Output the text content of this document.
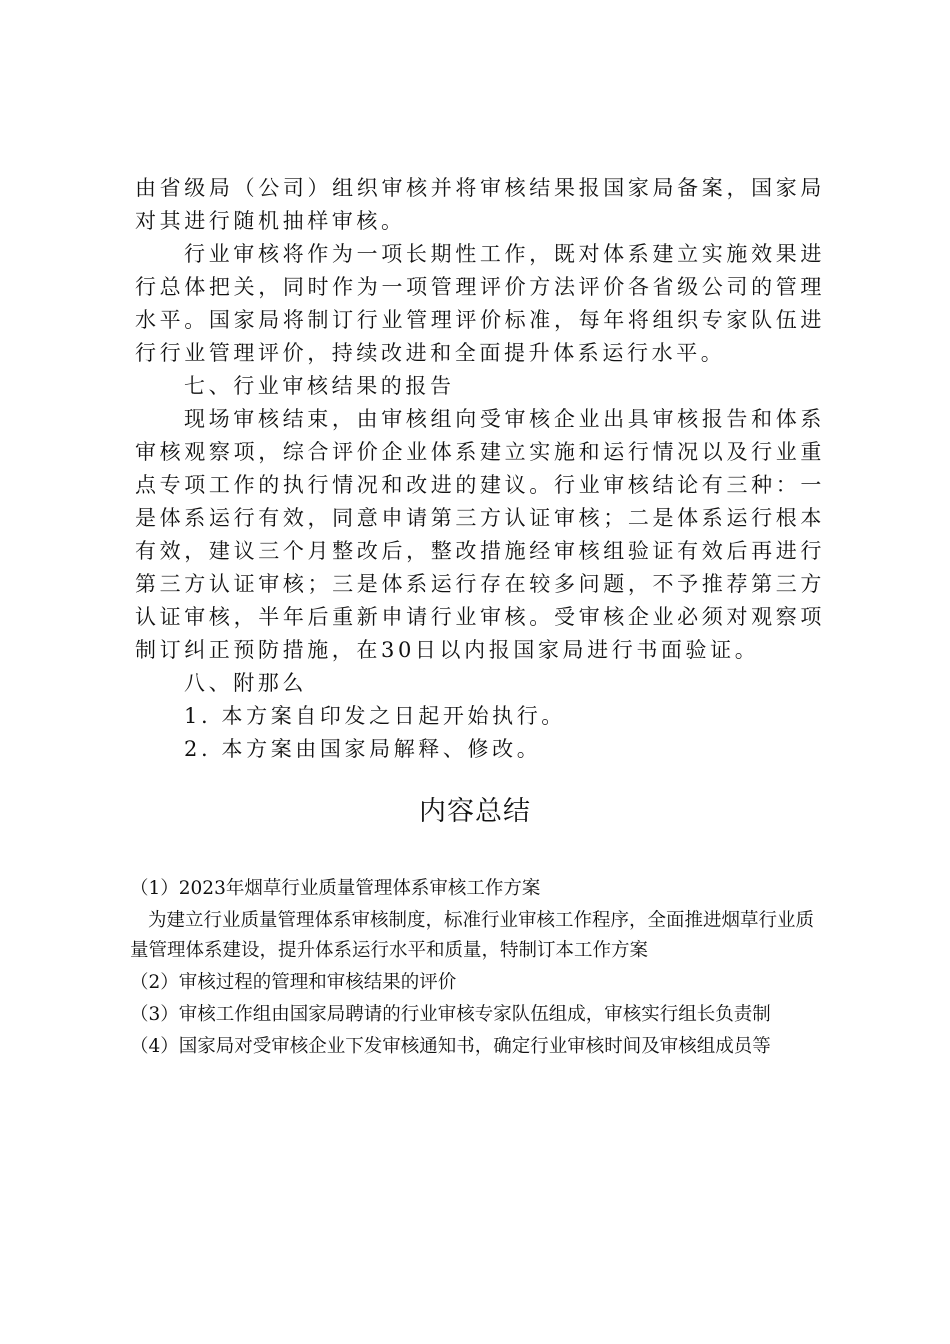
由省级局（公司）组织审核并将审核结果报国家局备案，国家局对其进行随机抽样审核。

行业审核将作为一项长期性工作，既对体系建立实施效果进行总体把关，同时作为一项管理评价方法评价各省级公司的管理水平。国家局将制订行业管理评价标准，每年将组织专家队伍进行行业管理评价，持续改进和全面提升体系运行水平。

七、行业审核结果的报告

现场审核结束，由审核组向受审核企业出具审核报告和体系审核观察项，综合评价企业体系建立实施和运行情况以及行业重点专项工作的执行情况和改进的建议。行业审核结论有三种：一是体系运行有效，同意申请第三方认证审核；二是体系运行根本有效，建议三个月整改后，整改措施经审核组验证有效后再进行第三方认证审核；三是体系运行存在较多问题，不予推荐第三方认证审核，半年后重新申请行业审核。受审核企业必须对观察项制订纠正预防措施，在30日以内报国家局进行书面验证。

八、附那么

1. 本方案自印发之日起开始执行。

2. 本方案由国家局解释、修改。

内容总结

（1）2023年烟草行业质量管理体系审核工作方案

为建立行业质量管理体系审核制度，标准行业审核工作程序，全面推进烟草行业质量管理体系建设，提升体系运行水平和质量，特制订本工作方案

（2）审核过程的管理和审核结果的评价

（3）审核工作组由国家局聘请的行业审核专家队伍组成，审核实行组长负责制

（4）国家局对受审核企业下发审核通知书，确定行业审核时间及审核组成员等
